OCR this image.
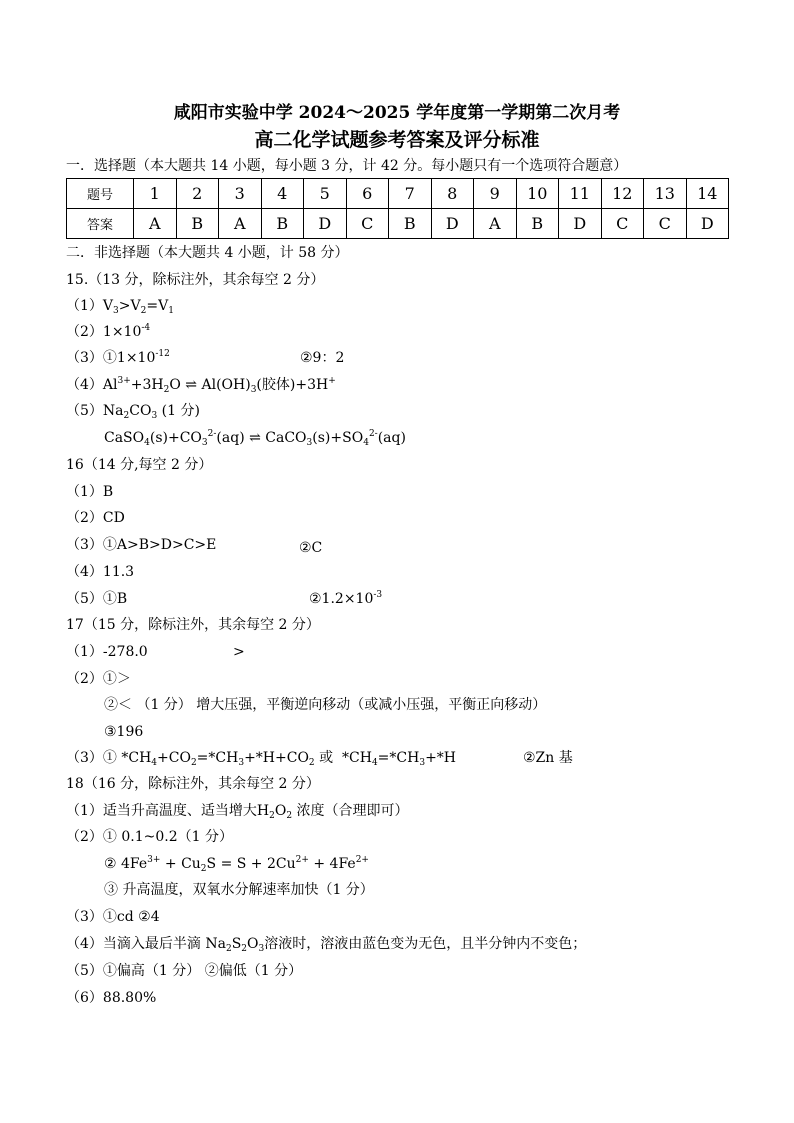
咸阳市实验中学 2024～2025 学年度第一学期第二次月考
高二化学试题参考答案及评分标准
一．选择题（本大题共 14 小题，每小题 3 分，计 42 分。每小题只有一个选项符合题意）
题号	1	2	3	4	5	6	7	8	9	10	11	12	13	14
答案	A	B	A	B	D	C	B	D	A	B	D	C	C	D
二．非选择题（本大题共 4 小题，计 58 分）
15.（13 分，除标注外，其余每空 2 分）
$(1)V_3>V_2=V_1$
$(2)1\times 10^{-4}$
$(3)①1\times 10^{-12}$	②9：2
$(4)Al^{3+}+3H_2O$ ⇌ $Al(OH)_3$(胶体)+3H+
$(5)Na_2CO_3$ (1 分)
$CaSO_4(s)+CO_3^{2-}(aq)$ ⇌ $CaCO_3(s)+SO_4^{2-}(aq)$
16（14 分,每空 2 分）
（1）B
（2）CD
（3）①A>B>D>C>E	②C
（4）11.3
（5）①B	$②1.2\times 10^{-3}$
17（15 分，除标注外，其余每空 2 分）
（1）-278.0	>
（2）①＞
②＜ （1 分） 增大压强，平衡逆向移动（或减小压强，平衡正向移动）
③196
（3）① $*CH_4+CO_2=*CH_3+*H+CO_2$ 或  $*CH_4=*CH_3+*H$	②Zn 基
18（16 分，除标注外，其余每空 2 分）
（1）适当升高温度、适当增大$H_2O_2$ 浓度（合理即可）
（2）① 0.1~0.2（1 分）
② $4Fe^{3+} + Cu_2S = S + 2Cu^{2+} + 4Fe^{2+}$
③ 升高温度，双氧水分解速率加快（1 分）
（3）①cd ②4
（4）当滴入最后半滴 $Na_2S_2O_3$溶液时，溶液由蓝色变为无色，且半分钟内不变色；
（5）①偏高（1 分） ②偏低（1 分）
（6）88.80%
